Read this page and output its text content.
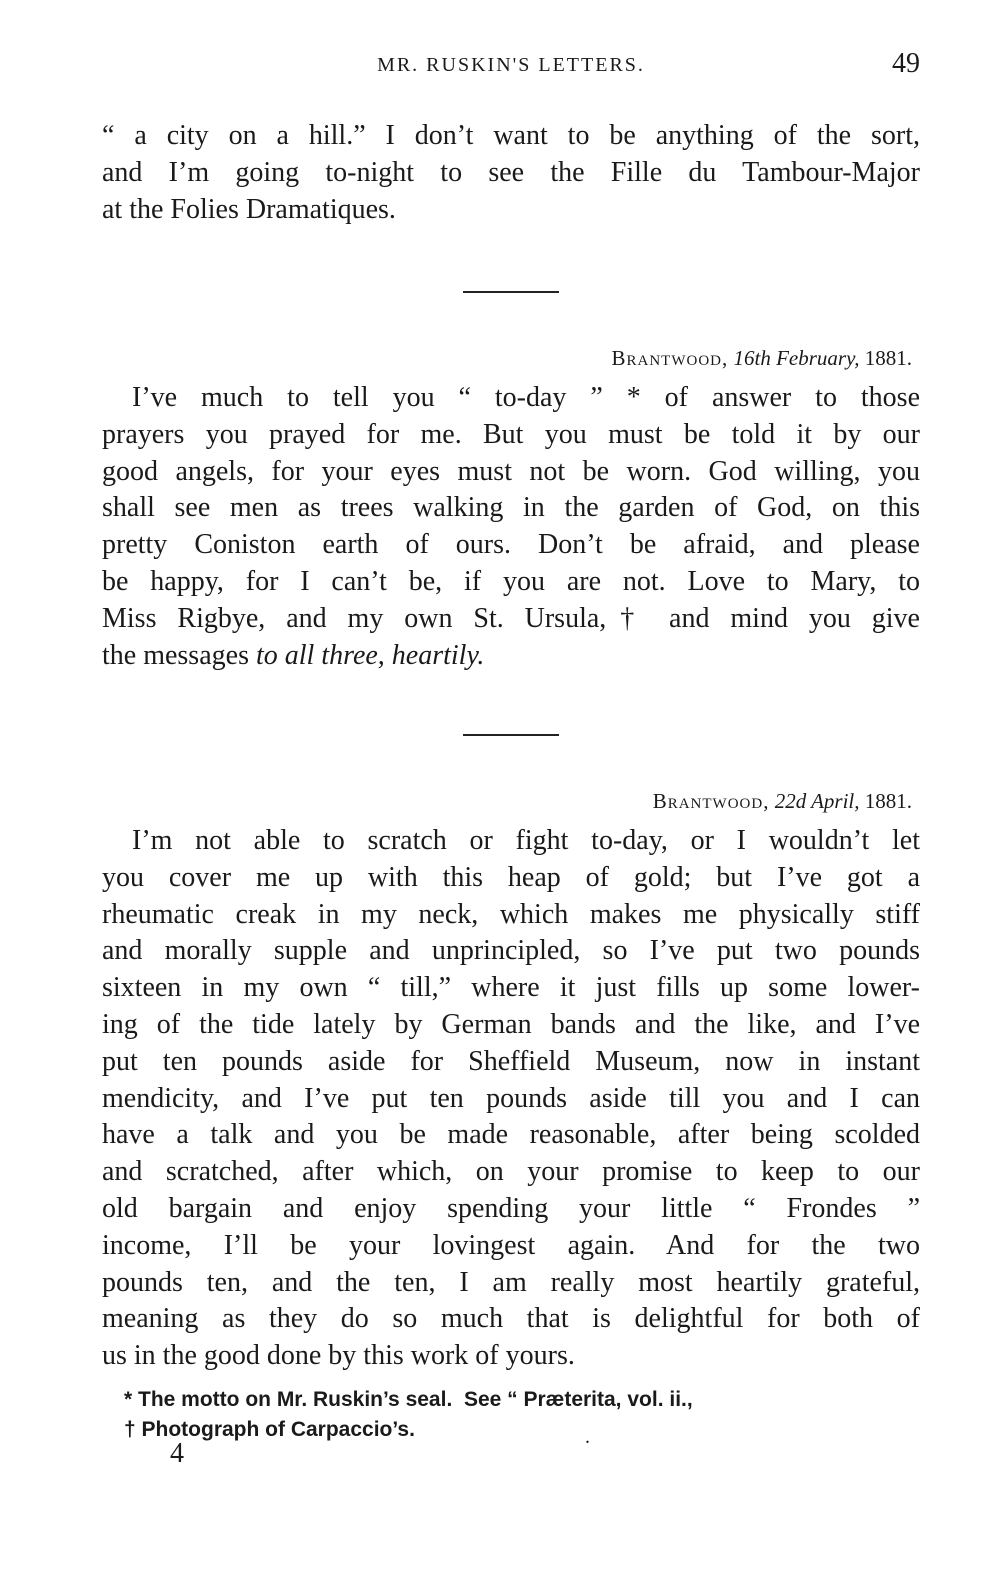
MR. RUSKIN'S LETTERS.	49
“ a city on a hill.” I don’t want to be anything of the sort,
and I’m going to-night to see the Fille du Tambour-Major
at the Folies Dramatiques.
Brantwood, 16th February, 1881.
I’ve much to tell you “ to-day ” * of answer to those
prayers you prayed for me. But you must be told it by our
good angels, for your eyes must not be worn. God willing, you
shall see men as trees walking in the garden of God, on this
pretty Coniston earth of ours. Don’t be afraid, and please
be happy, for I can’t be, if you are not. Love to Mary, to
Miss Rigbye, and my own St. Ursula,† and mind you give
the messages to all three, heartily.
Brantwood, 22d April, 1881.
I’m not able to scratch or fight to-day, or I wouldn’t let
you cover me up with this heap of gold; but I’ve got a
rheumatic creak in my neck, which makes me physically stiff
and morally supple and unprincipled, so I’ve put two pounds
sixteen in my own “ till,” where it just fills up some lower-
ing of the tide lately by German bands and the like, and I’ve
put ten pounds aside for Sheffield Museum, now in instant
mendicity, and I’ve put ten pounds aside till you and I can
have a talk and you be made reasonable, after being scolded
and scratched, after which, on your promise to keep to our
old bargain and enjoy spending your little “ Frondes ”
income, I’ll be your lovingest again. And for the two
pounds ten, and the ten, I am really most heartily grateful,
meaning as they do so much that is delightful for both of
us in the good done by this work of yours.
* The motto on Mr. Ruskin’s seal.  See “ Præterita, vol. ii.,
† Photograph of Carpaccio’s.	.
4
